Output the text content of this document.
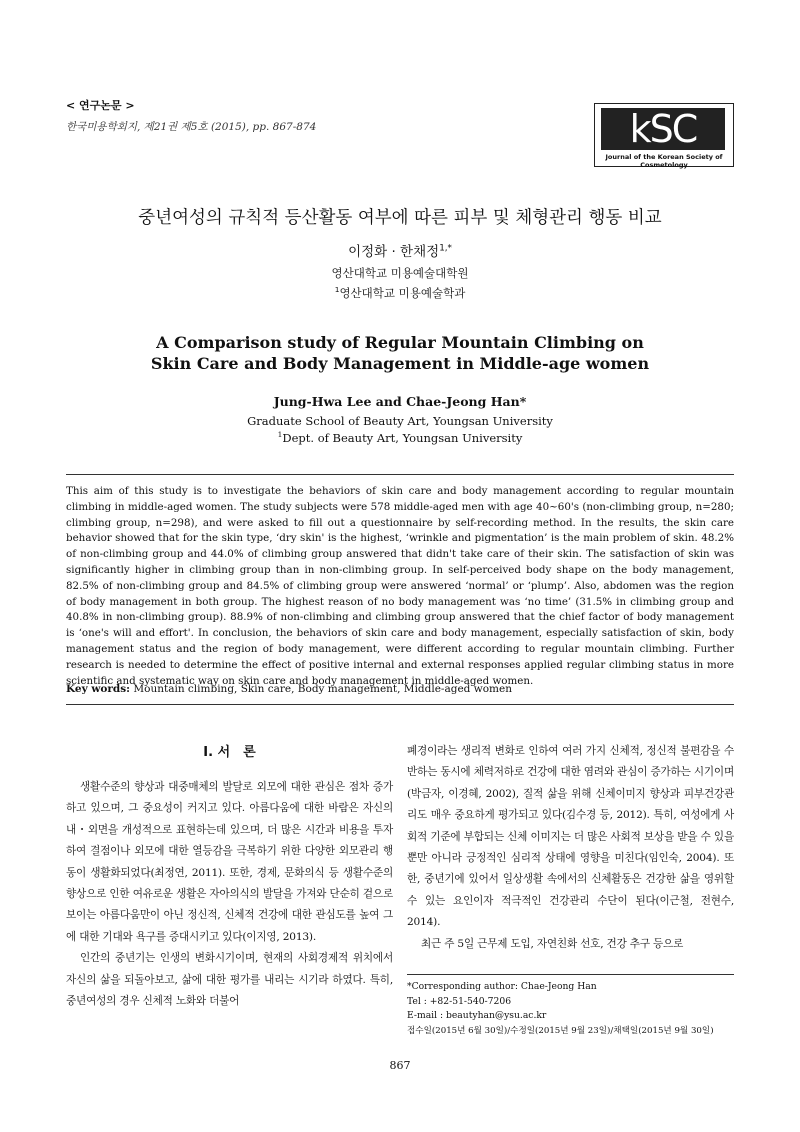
< 연구논문 >
한국미용학회지, 제21권 제5호 (2015), pp. 867-874	kSC
Journal of the Korean Society of Cosmetology
중년여성의 규칙적 등산활동 여부에 따른 피부 및 체형관리 행동 비교
이정화 · 한채정$^{1,*}$
영산대학교 미용예술대학원
$^1$영산대학교 미용예술학과
A Comparison study of Regular Mountain Climbing on
Skin Care and Body Management in Middle-age women
Jung-Hwa Lee and Chae-Jeong Han*
Graduate School of Beauty Art, Youngsan University
$^1$Dept. of Beauty Art, Youngsan University
This aim of this study is to investigate the behaviors of skin care and body management according to regular mountain climbing in middle-aged women. The study subjects were 578 middle-aged men with age 40~60's (non-climbing group, n=280; climbing group, n=298), and were asked to fill out a questionnaire by self-recording method. In the results, the skin care behavior showed that for the skin type, ‘dry skin' is the highest, ‘wrinkle and pigmentation’ is the main problem of skin. 48.2% of non-climbing group and 44.0% of climbing group answered that didn't take care of their skin. The satisfaction of skin was significantly higher in climbing group than in non-climbing group. In self-perceived body shape on the body management, 82.5% of non-climbing group and 84.5% of climbing group were answered ‘normal’ or ‘plump’. Also, abdomen was the region of body management in both group. The highest reason of no body management was ‘no time’ (31.5% in climbing group and 40.8% in non-climbing group). 88.9% of non-climbing and climbing group answered that the chief factor of body management is ‘one's will and effort'. In conclusion, the behaviors of skin care and body management, especially satisfaction of skin, body management status and the region of body management, were different according to regular mountain climbing. Further research is needed to determine the effect of positive internal and external responses applied regular climbing status in more scientific and systematic way on skin care and body management in middle-aged women.
Key words: Mountain climbing, Skin care, Body management, Middle-aged women
I. 서　론

생활수준의 향상과 대중매체의 발달로 외모에 대한 관심은 점차 증가하고 있으며, 그 중요성이 커지고 있다. 아름다움에 대한 바람은 자신의 내・외면을 개성적으로 표현하는데 있으며, 더 많은 시간과 비용을 투자하여 결점이나 외모에 대한 열등감을 극복하기 위한 다양한 외모관리 행동이 생활화되었다(최정연, 2011). 또한, 경제, 문화의식 등 생활수준의 향상으로 인한 여유로운 생활은 자아의식의 발달을 가져와 단순히 겉으로 보이는 아름다움만이 아닌 정신적, 신체적 건강에 대한 관심도를 높여 그에 대한 기대와 욕구를 증대시키고 있다(이지영, 2013).

인간의 중년기는 인생의 변화시기이며, 현재의 사회경제적 위치에서 자신의 삶을 되돌아보고, 삶에 대한 평가를 내리는 시기라 하였다. 특히, 중년여성의 경우 신체적 노화와 더불어

폐경이라는 생리적 변화로 인하여 여러 가지 신체적, 정신적 불편감을 수반하는 동시에 체력저하로 건강에 대한 염려와 관심이 증가하는 시기이며(박금자, 이경혜, 2002), 질적 삶을 위해 신체이미지 향상과 피부건강관리도 매우 중요하게 평가되고 있다(김수경 등, 2012). 특히, 여성에게 사회적 기준에 부합되는 신체 이미지는 더 많은 사회적 보상을 받을 수 있을 뿐만 아니라 긍정적인 심리적 상태에 영향을 미친다(임인숙, 2004). 또한, 중년기에 있어서 일상생활 속에서의 신체활동은 건강한 삶을 영위할 수 있는 요인이자 적극적인 건강관리 수단이 된다(이근철, 전현수, 2014).

최근 주 5일 근무제 도입, 자연친화 선호, 건강 추구 등으로

*Corresponding author: Chae-Jeong Han
Tel : +82-51-540-7206
E-mail : beautyhan@ysu.ac.kr
접수일(2015년 6월 30일)/수정일(2015년 9월 23일)/채택일(2015년 9월 30일)
867
